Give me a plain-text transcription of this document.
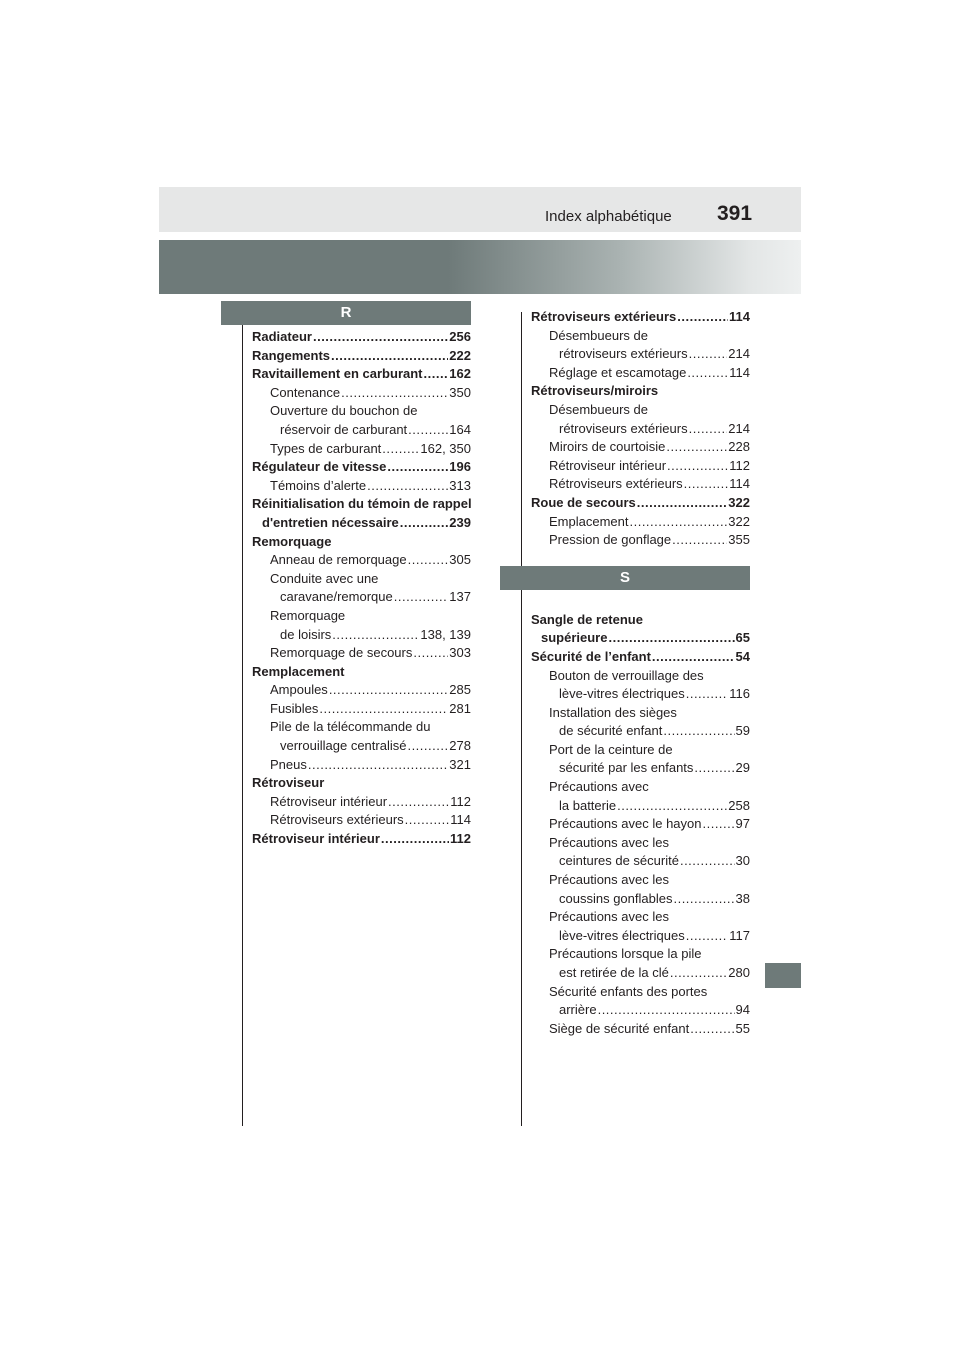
Index alphabétique 391
R
S
Radiateur .....	256
Rangements .....	222
Ravitaillement en carburant ..... 162
Contenance .....	350
Ouverture du bouchon de
réservoir de carburant .....	164
Types de carburant .....	162, 350
Régulateur de vitesse .....	196
Témoins d’alerte .....	313
Réinitialisation du témoin de rappel
d'entretien nécessaire .....	239
Remorquage
Anneau de remorquage .....	305
Conduite avec une
caravane/remorque .....	137
Remorquage
de loisirs .....	138, 139
Remorquage de secours .....	303
Remplacement
Ampoules .....	285
Fusibles .....	281
Pile de la télécommande du
verrouillage centralisé .....	278
Pneus .....	321
Rétroviseur
Rétroviseur intérieur .....	112
Rétroviseurs extérieurs .....	114
Rétroviseur intérieur .....	112
Rétroviseurs extérieurs .....	114
Désembueurs de
rétroviseurs extérieurs .....	214
Réglage et escamotage .....	114
Rétroviseurs/miroirs
Désembueurs de
rétroviseurs extérieurs .....	214
Miroirs de courtoisie .....	228
Rétroviseur intérieur .....	112
Rétroviseurs extérieurs .....	114
Roue de secours .....	322
Emplacement .....	322
Pression de gonflage .....	355
Sangle de retenue
supérieure .....	65
Sécurité de l’enfant .....	54
Bouton de verrouillage des
lève-vitres électriques .....	116
Installation des sièges
de sécurité enfant .....	59
Port de la ceinture de
sécurité par les enfants .....	29
Précautions avec
la batterie .....	258
Précautions avec le hayon .....	97
Précautions avec les
ceintures de sécurité .....	30
Précautions avec les
coussins gonflables .....	38
Précautions avec les
lève-vitres électriques .....	117
Précautions lorsque la pile
est retirée de la clé .....	280
Sécurité enfants des portes
arrière .....	94
Siège de sécurité enfant .....	55
